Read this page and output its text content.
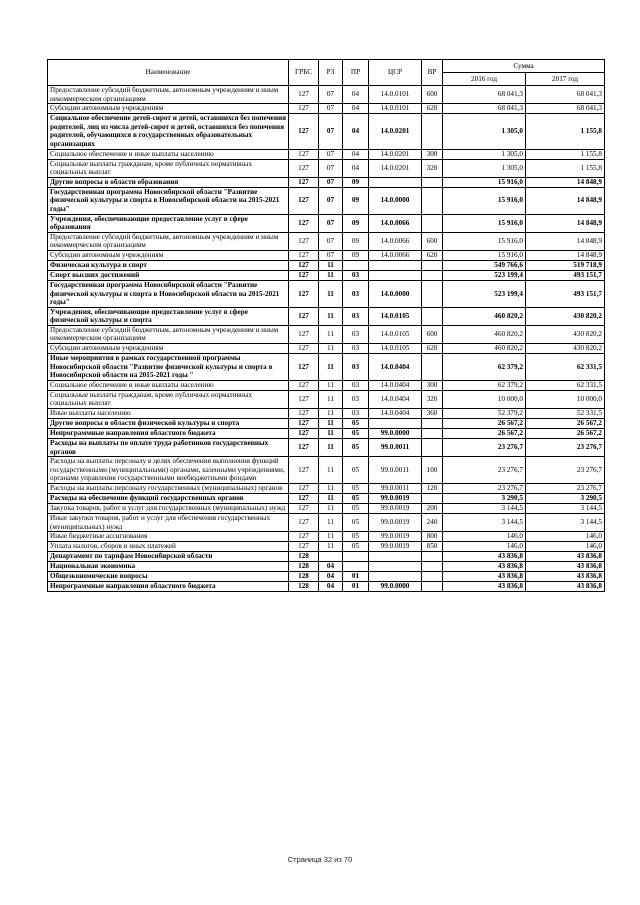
Наименование	ГРБС	РЗ	ПР	ЦСР	ВР	Сумма	
						2016 год	2017 год
Предоставление субсидий бюджетным, автономным учреждениям и иным некоммерческим организациям	127	07	04	14.0.0101	600	68 041,3	68 041,3
Субсидии автономным учреждениям	127	07	04	14.0.0101	620	68 041,3	68 041,3
Социальное обеспечение детей-сирот и детей, оставшихся без попечения родителей, лиц из числа детей-сирот и детей, оставшихся без попечения родителей, обучающихся в государственных образовательных организациях	127	07	04	14.0.0201		1 305,0	1 155,8
Социальное обеспечение и иные выплаты населению	127	07	04	14.0.0201	300	1 305,0	1 155,8
Социальные выплаты гражданам, кроме публичных нормативных социальных выплат	127	07	04	14.0.0201	320	1 305,0	1 155,8
Другие вопросы в области образования	127	07	09			15 916,0	14 848,9
Государственная программа Новосибирской области "Развитие физической культуры и спорта в Новосибирской области на 2015-2021 годы"	127	07	09	14.0.0000		15 916,0	14 848,9
Учреждения, обеспечивающие предоставление услуг в сфере образования	127	07	09	14.0.0066		15 916,0	14 848,9
Предоставление субсидий бюджетным, автономным учреждениям и иным некоммерческим организациям	127	07	09	14.0.0066	600	15 916,0	14 848,9
Субсидии автономным учреждениям	127	07	09	14.0.0066	620	15 916,0	14 848,9
Физическая культура и спорт	127	11				549 766,6	519 718,9
Спорт высших достижений	127	11	03			523 199,4	493 151,7
Государственная программа Новосибирской области "Развитие физической культуры и спорта в Новосибирской области на 2015-2021 годы"	127	11	03	14.0.0000		523 199,4	493 151,7
Учреждения, обеспечивающие предоставление услуг в сфере физической культуры и спорта	127	11	03	14.0.0105		460 820,2	430 820,2
Предоставление субсидий бюджетным, автономным учреждениям и иным некоммерческим организациям	127	11	03	14.0.0105	600	460 820,2	430 820,2
Субсидии автономным учреждениям	127	11	03	14.0.0105	620	460 820,2	430 820,2
Иные мероприятия в рамках государственной программы Новосибирской области "Развитие физической культуры и спорта в Новосибирской области на 2015-2021 годы "	127	11	03	14.0.0404		62 379,2	62 331,5
Социальное обеспечение и иные выплаты населению	127	11	03	14.0.0404	300	62 379,2	62 331,5
Социальные выплаты гражданам, кроме публичных нормативных социальных выплат	127	11	03	14.0.0404	320	10 000,0	10 000,0
Иные выплаты населению	127	11	03	14.0.0404	360	52 379,2	52 331,5
Другие вопросы в области физической культуры и спорта	127	11	05			26 567,2	26 567,2
Непрограммные направления областного бюджета	127	11	05	99.0.0000		26 567,2	26 567,2
Расходы на выплаты по оплате труда работников государственных органов	127	11	05	99.0.0011		23 276,7	23 276,7
Расходы на выплаты персоналу в целях обеспечения выполнения функций государственными (муниципальными) органами, казенными учреждениями, органами управления государственными внебюджетными фондами	127	11	05	99.0.0011	100	23 276,7	23 276,7
Расходы на выплаты персоналу государственных (муниципальных) органов	127	11	05	99.0.0011	120	23 276,7	23 276,7
Расходы на обеспечение функций государственных органов	127	11	05	99.0.0019		3 290,5	3 290,5
Закупка товаров, работ и услуг для государственных (муниципальных) нужд	127	11	05	99.0.0019	200	3 144,5	3 144,5
Иные закупки товаров, работ и услуг для обеспечения государственных (муниципальных) нужд	127	11	05	99.0.0019	240	3 144,5	3 144,5
Иные бюджетные ассигнования	127	11	05	99.0.0019	800	146,0	146,0
Уплата налогов, сборов и иных платежей	127	11	05	99.0.0019	850	146,0	146,0
Департамент по тарифам Новосибирской области	128					43 836,8	43 836,8
Национальная экономика	128	04				43 836,8	43 836,8
Общеэкономические вопросы	128	04	01			43 836,8	43 836,8
Непрограммные направления областного бюджета	128	04	01	99.0.0000		43 836,8	43 836,8
Страница 32 из 70
